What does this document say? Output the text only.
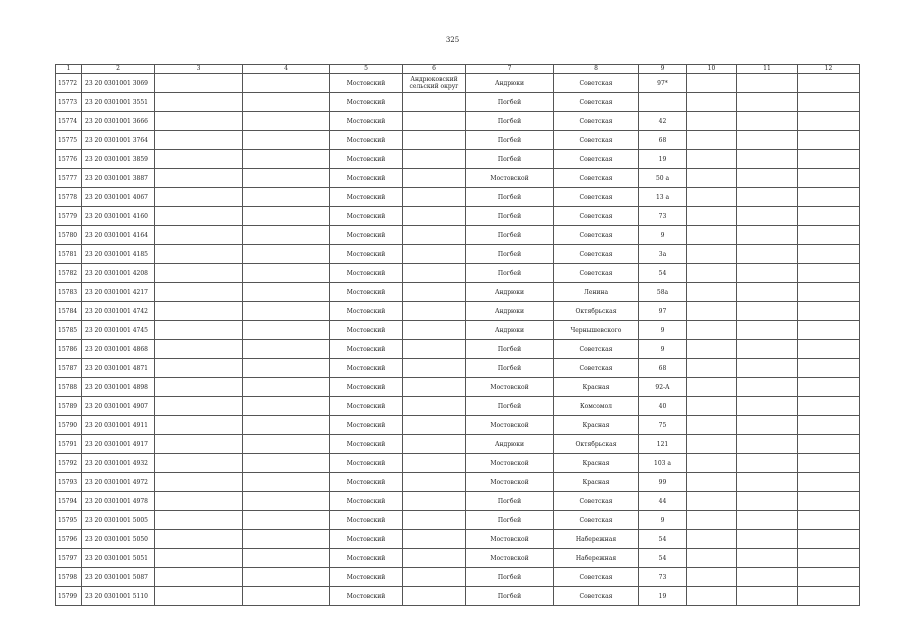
325
1	2	3	4	5	6	7	8	9	10	11	12
15772	23 20 0301001 3069			Мостовский	Андрюковский сельский округ	Андрюки	Советская	97*			
15773	23 20 0301001 3551			Мостовский		Погбей	Советская				
15774	23 20 0301001 3666			Мостовский		Погбей	Советская	42			
15775	23 20 0301001 3764			Мостовский		Погбей	Советская	68			
15776	23 20 0301001 3859			Мостовский		Погбей	Советская	19			
15777	23 20 0301001 3887			Мостовский		Мостовской	Советская	50 а			
15778	23 20 0301001 4067			Мостовский		Погбей	Советская	13 а			
15779	23 20 0301001 4160			Мостовский		Погбей	Советская	73			
15780	23 20 0301001 4164			Мостовский		Погбей	Советская	9			
15781	23 20 0301001 4185			Мостовский		Погбей	Советская	3а			
15782	23 20 0301001 4208			Мостовский		Погбей	Советская	54			
15783	23 20 0301001 4217			Мостовский		Андрюки	Ленина	58а			
15784	23 20 0301001 4742			Мостовский		Андрюки	Октябрьская	97			
15785	23 20 0301001 4745			Мостовский		Андрюки	Чернышевского	9			
15786	23 20 0301001 4868			Мостовский		Погбей	Советская	9			
15787	23 20 0301001 4871			Мостовский		Погбей	Советская	68			
15788	23 20 0301001 4898			Мостовский		Мостовской	Красная	92-А			
15789	23 20 0301001 4907			Мостовский		Погбей	Комсомол	40			
15790	23 20 0301001 4911			Мостовский		Мостовской	Красная	75			
15791	23 20 0301001 4917			Мостовский		Андрюки	Октябрьская	121			
15792	23 20 0301001 4932			Мостовский		Мостовской	Красная	103 а			
15793	23 20 0301001 4972			Мостовский		Мостовской	Красная	99			
15794	23 20 0301001 4978			Мостовский		Погбей	Советская	44			
15795	23 20 0301001 5005			Мостовский		Погбей	Советская	9			
15796	23 20 0301001 5050			Мостовский		Мостовской	Набережная	54			
15797	23 20 0301001 5051			Мостовский		Мостовской	Набережная	54			
15798	23 20 0301001 5087			Мостовский		Погбей	Советская	73			
15799	23 20 0301001 5110			Мостовский		Погбей	Советская	19			
